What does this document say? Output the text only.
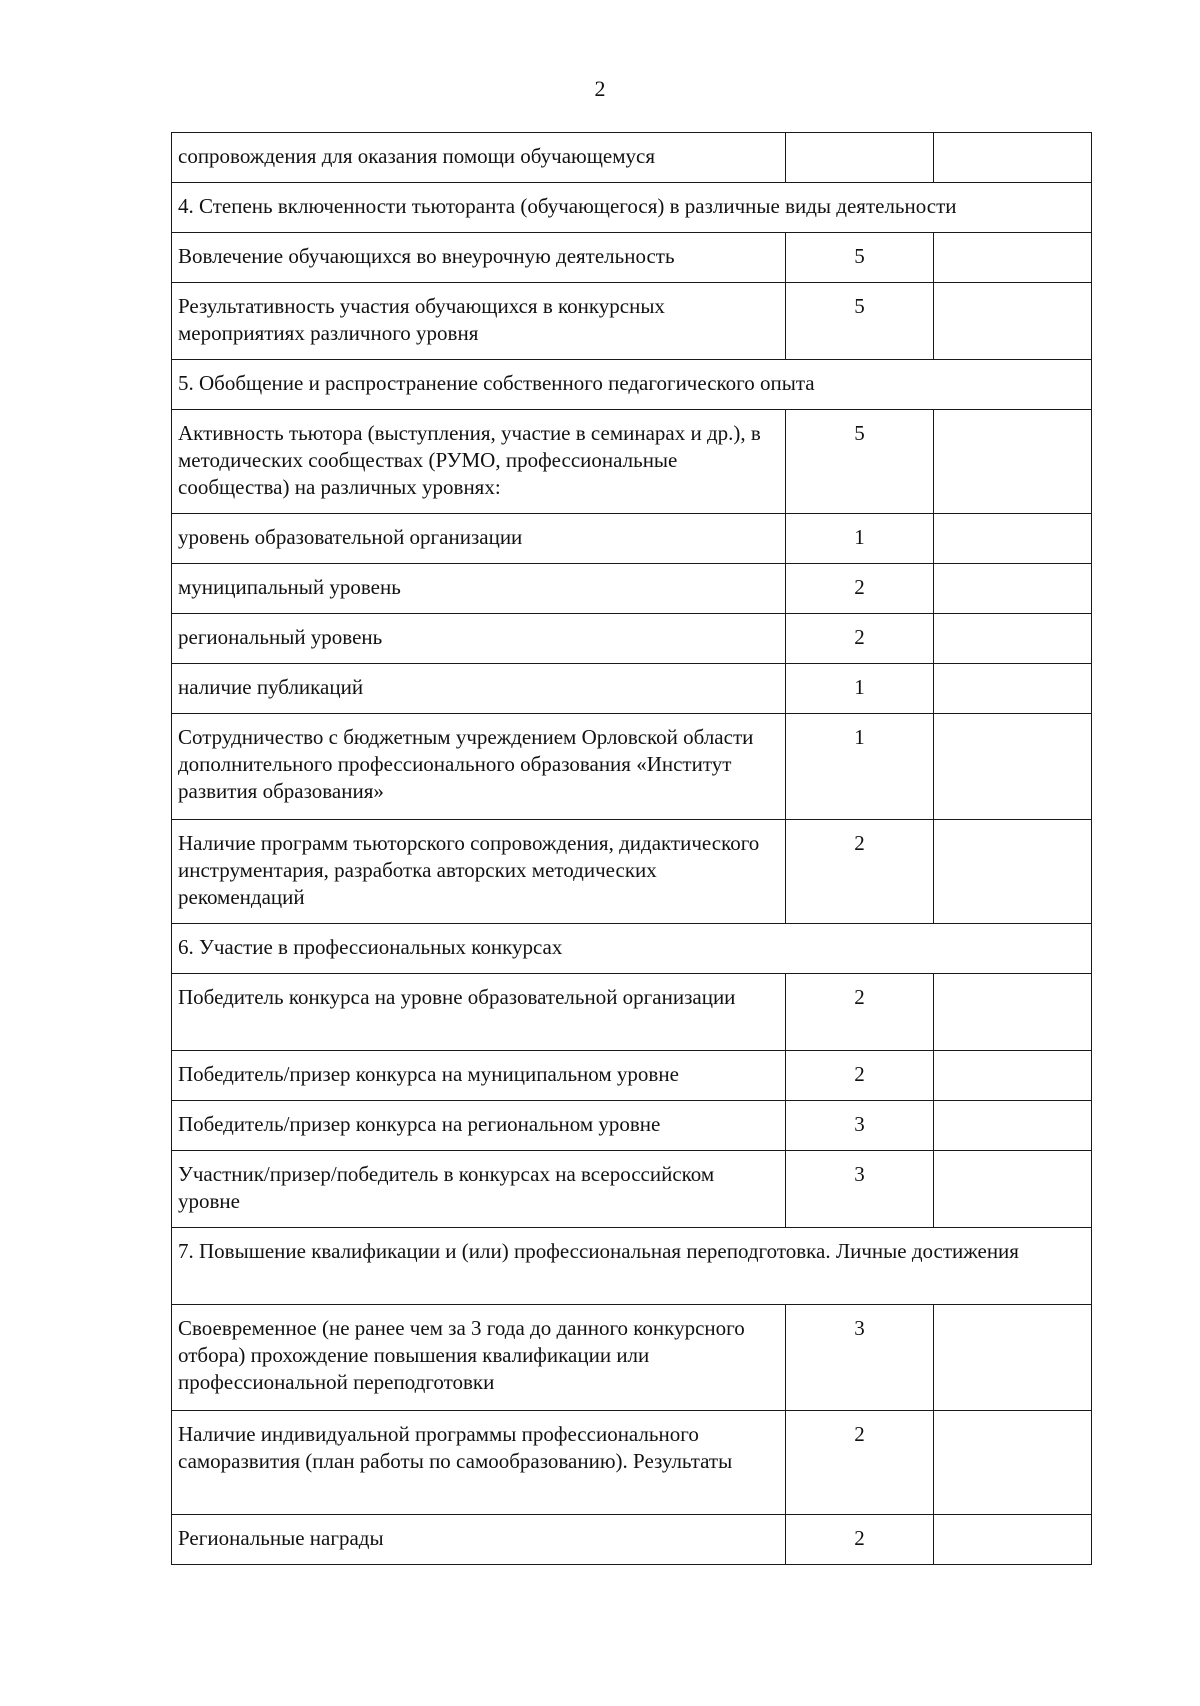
2
сопровождения для оказания помощи обучающемуся		
4. Степень включенности тьюторанта (обучающегося) в различные виды деятельности		
Вовлечение обучающихся во внеурочную деятельность	5	
Результативность участия обучающихся в конкурсных мероприятиях различного уровня	5	
5. Обобщение и распространение собственного педагогического опыта		
Активность тьютора (выступления, участие в семинарах и др.), в методических сообществах (РУМО, профессиональные сообщества) на различных уровнях:	5	
уровень образовательной организации	1	
муниципальный уровень	2	
региональный уровень	2	
наличие публикаций	1	
Сотрудничество с бюджетным учреждением Орловской области дополнительного профессионального образования «Институт развития образования»	1	
Наличие программ тьюторского сопровождения, дидактического инструментария, разработка авторских методических рекомендаций	2	
6. Участие в профессиональных конкурсах		
Победитель конкурса на уровне образовательной организации	2	
Победитель/призер конкурса на муниципальном уровне	2	
Победитель/призер конкурса на региональном уровне	3	
Участник/призер/победитель в конкурсах на всероссийском уровне	3	
7. Повышение квалификации и (или) профессиональная переподготовка. Личные достижения		
Своевременное (не ранее чем за 3 года до данного конкурсного отбора) прохождение повышения квалификации или профессиональной переподготовки	3	
Наличие индивидуальной программы профессионального саморазвития (план работы по самообразованию). Результаты	2	
Региональные награды	2	
